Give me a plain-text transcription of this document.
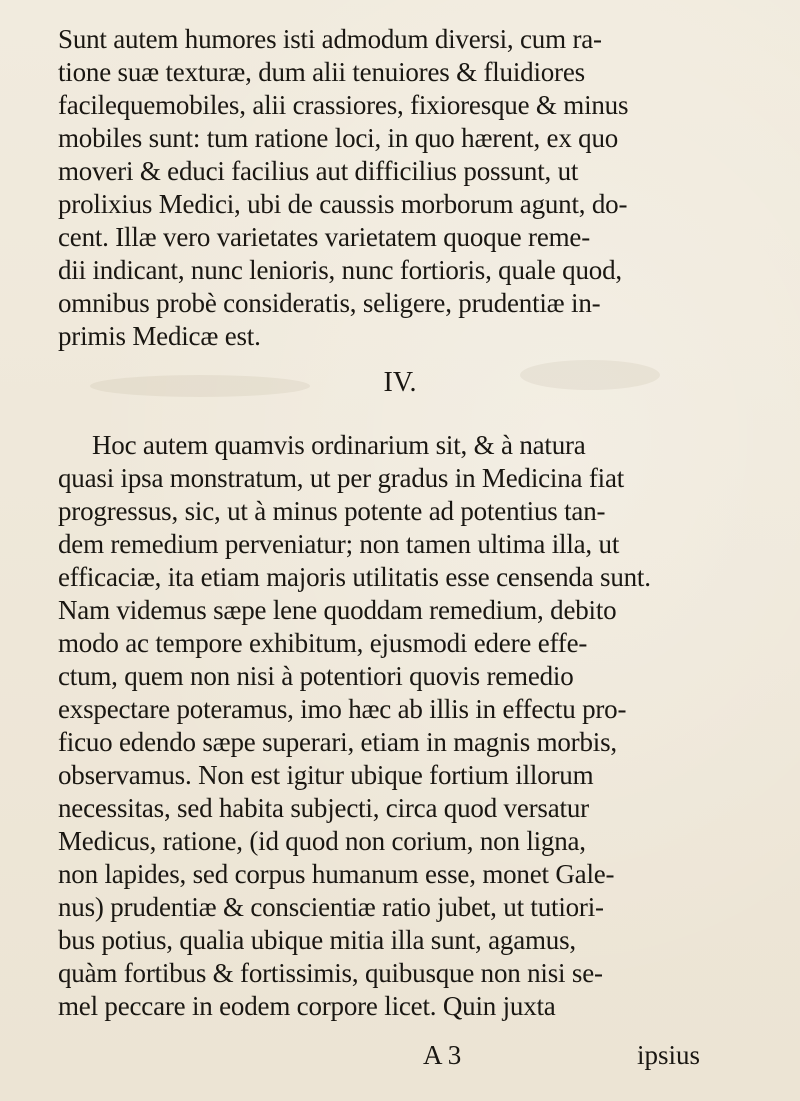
Sunt autem humores isti admodum diversi, cum ra-
tione suæ texturæ, dum alii tenuiores & fluidiores
facilequemobiles, alii crassiores, fixioresque & minus
mobiles sunt: tum ratione loci, in quo hærent, ex quo
moveri & educi facilius aut difficilius possunt, ut
prolixius Medici, ubi de caussis morborum agunt, do-
cent. Illæ vero varietates varietatem quoque reme-
dii indicant, nunc lenioris, nunc fortioris, quale quod,
omnibus probè consideratis, seligere, prudentiæ in-
primis Medicæ est.
IV.
Hoc autem quamvis ordinarium sit, & à natura
quasi ipsa monstratum, ut per gradus in Medicina fiat
progressus, sic, ut à minus potente ad potentius tan-
dem remedium perveniatur; non tamen ultima illa, ut
efficaciæ, ita etiam majoris utilitatis esse censenda sunt.
Nam videmus sæpe lene quoddam remedium, debito
modo ac tempore exhibitum, ejusmodi edere effe-
ctum, quem non nisi à potentiori quovis remedio
exspectare poteramus, imo hæc ab illis in effectu pro-
ficuo edendo sæpe superari, etiam in magnis morbis,
observamus. Non est igitur ubique fortium illorum
necessitas, sed habita subjecti, circa quod versatur
Medicus, ratione, (id quod non corium, non ligna,
non lapides, sed corpus humanum esse, monet Gale-
nus) prudentiæ & conscientiæ ratio jubet, ut tutiori-
bus potius, qualia ubique mitia illa sunt, agamus,
quàm fortibus & fortissimis, quibusque non nisi se-
mel peccare in eodem corpore licet. Quin juxta
A 3	ipsius
